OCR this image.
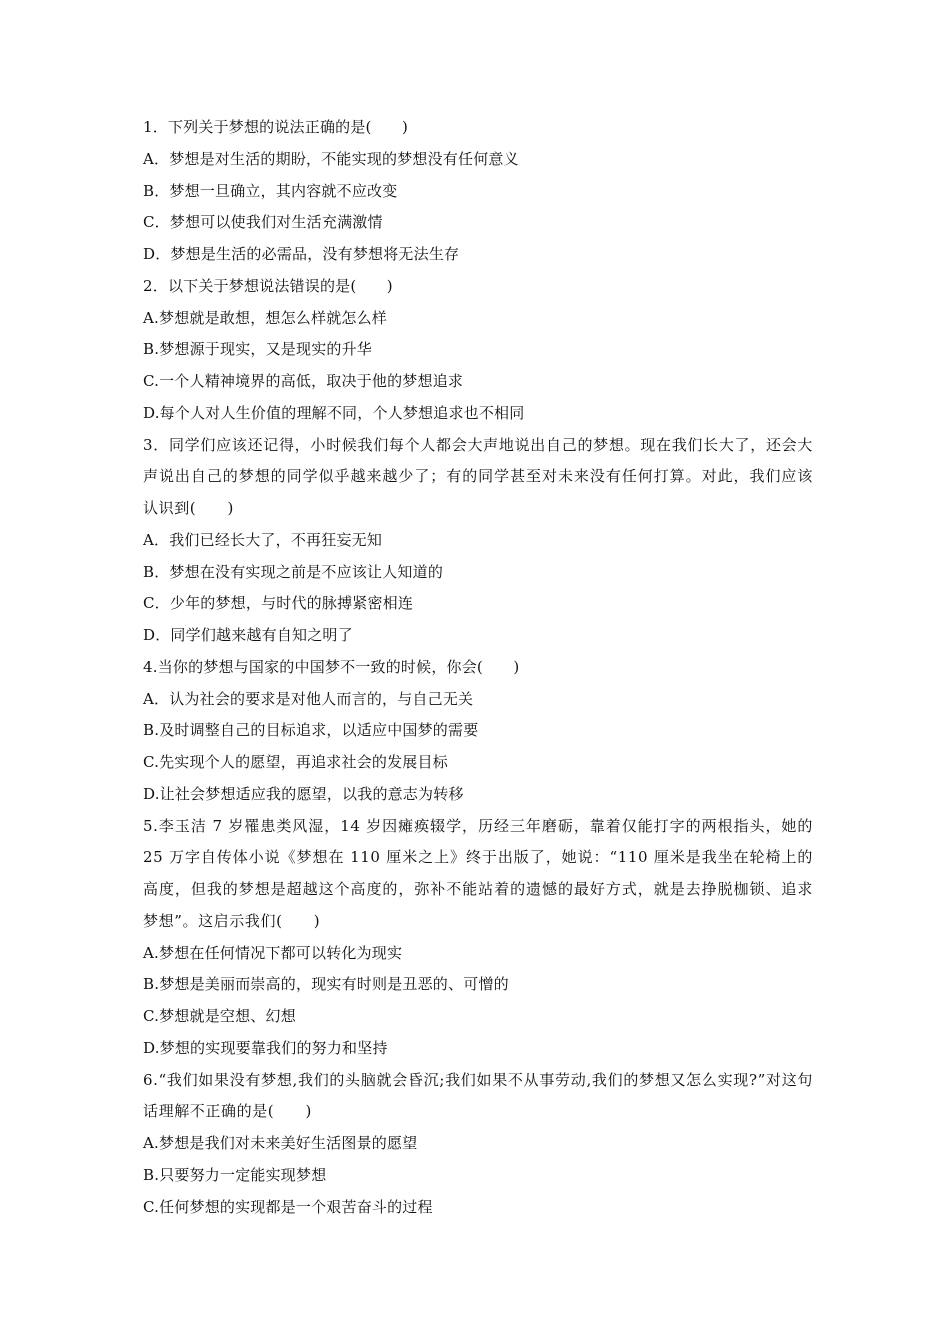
1．下列关于梦想的说法正确的是(　　)
A．梦想是对生活的期盼，不能实现的梦想没有任何意义
B．梦想一旦确立，其内容就不应改变
C．梦想可以使我们对生活充满激情
D．梦想是生活的必需品，没有梦想将无法生存
2．以下关于梦想说法错误的是(　　)
A.梦想就是敢想，想怎么样就怎么样
B.梦想源于现实，又是现实的升华
C.一个人精神境界的高低，取决于他的梦想追求
D.每个人对人生价值的理解不同，个人梦想追求也不相同
3．同学们应该还记得，小时候我们每个人都会大声地说出自己的梦想。现在我们长大了，还会大声说出自己的梦想的同学似乎越来越少了；有的同学甚至对未来没有任何打算。对此，我们应该认识到(　　)
A．我们已经长大了，不再狂妄无知
B．梦想在没有实现之前是不应该让人知道的
C．少年的梦想，与时代的脉搏紧密相连
D．同学们越来越有自知之明了
4.当你的梦想与国家的中国梦不一致的时候，你会(　　)
A．认为社会的要求是对他人而言的，与自己无关
B.及时调整自己的目标追求，以适应中国梦的需要
C.先实现个人的愿望，再追求社会的发展目标
D.让社会梦想适应我的愿望，以我的意志为转移
5.李玉洁 7 岁罹患类风湿，14 岁因瘫痪辍学，历经三年磨砺，靠着仅能打字的两根指头，她的 25 万字自传体小说《梦想在 110 厘米之上》终于出版了，她说：“110 厘米是我坐在轮椅上的高度，但我的梦想是超越这个高度的，弥补不能站着的遗憾的最好方式，就是去挣脱枷锁、追求梦想”。这启示我们(　　)
A.梦想在任何情况下都可以转化为现实
B.梦想是美丽而崇高的，现实有时则是丑恶的、可憎的
C.梦想就是空想、幻想
D.梦想的实现要靠我们的努力和坚持
6.“我们如果没有梦想,我们的头脑就会昏沉;我们如果不从事劳动,我们的梦想又怎么实现?”对这句话理解不正确的是(　　)
A.梦想是我们对未来美好生活图景的愿望
B.只要努力一定能实现梦想
C.任何梦想的实现都是一个艰苦奋斗的过程
